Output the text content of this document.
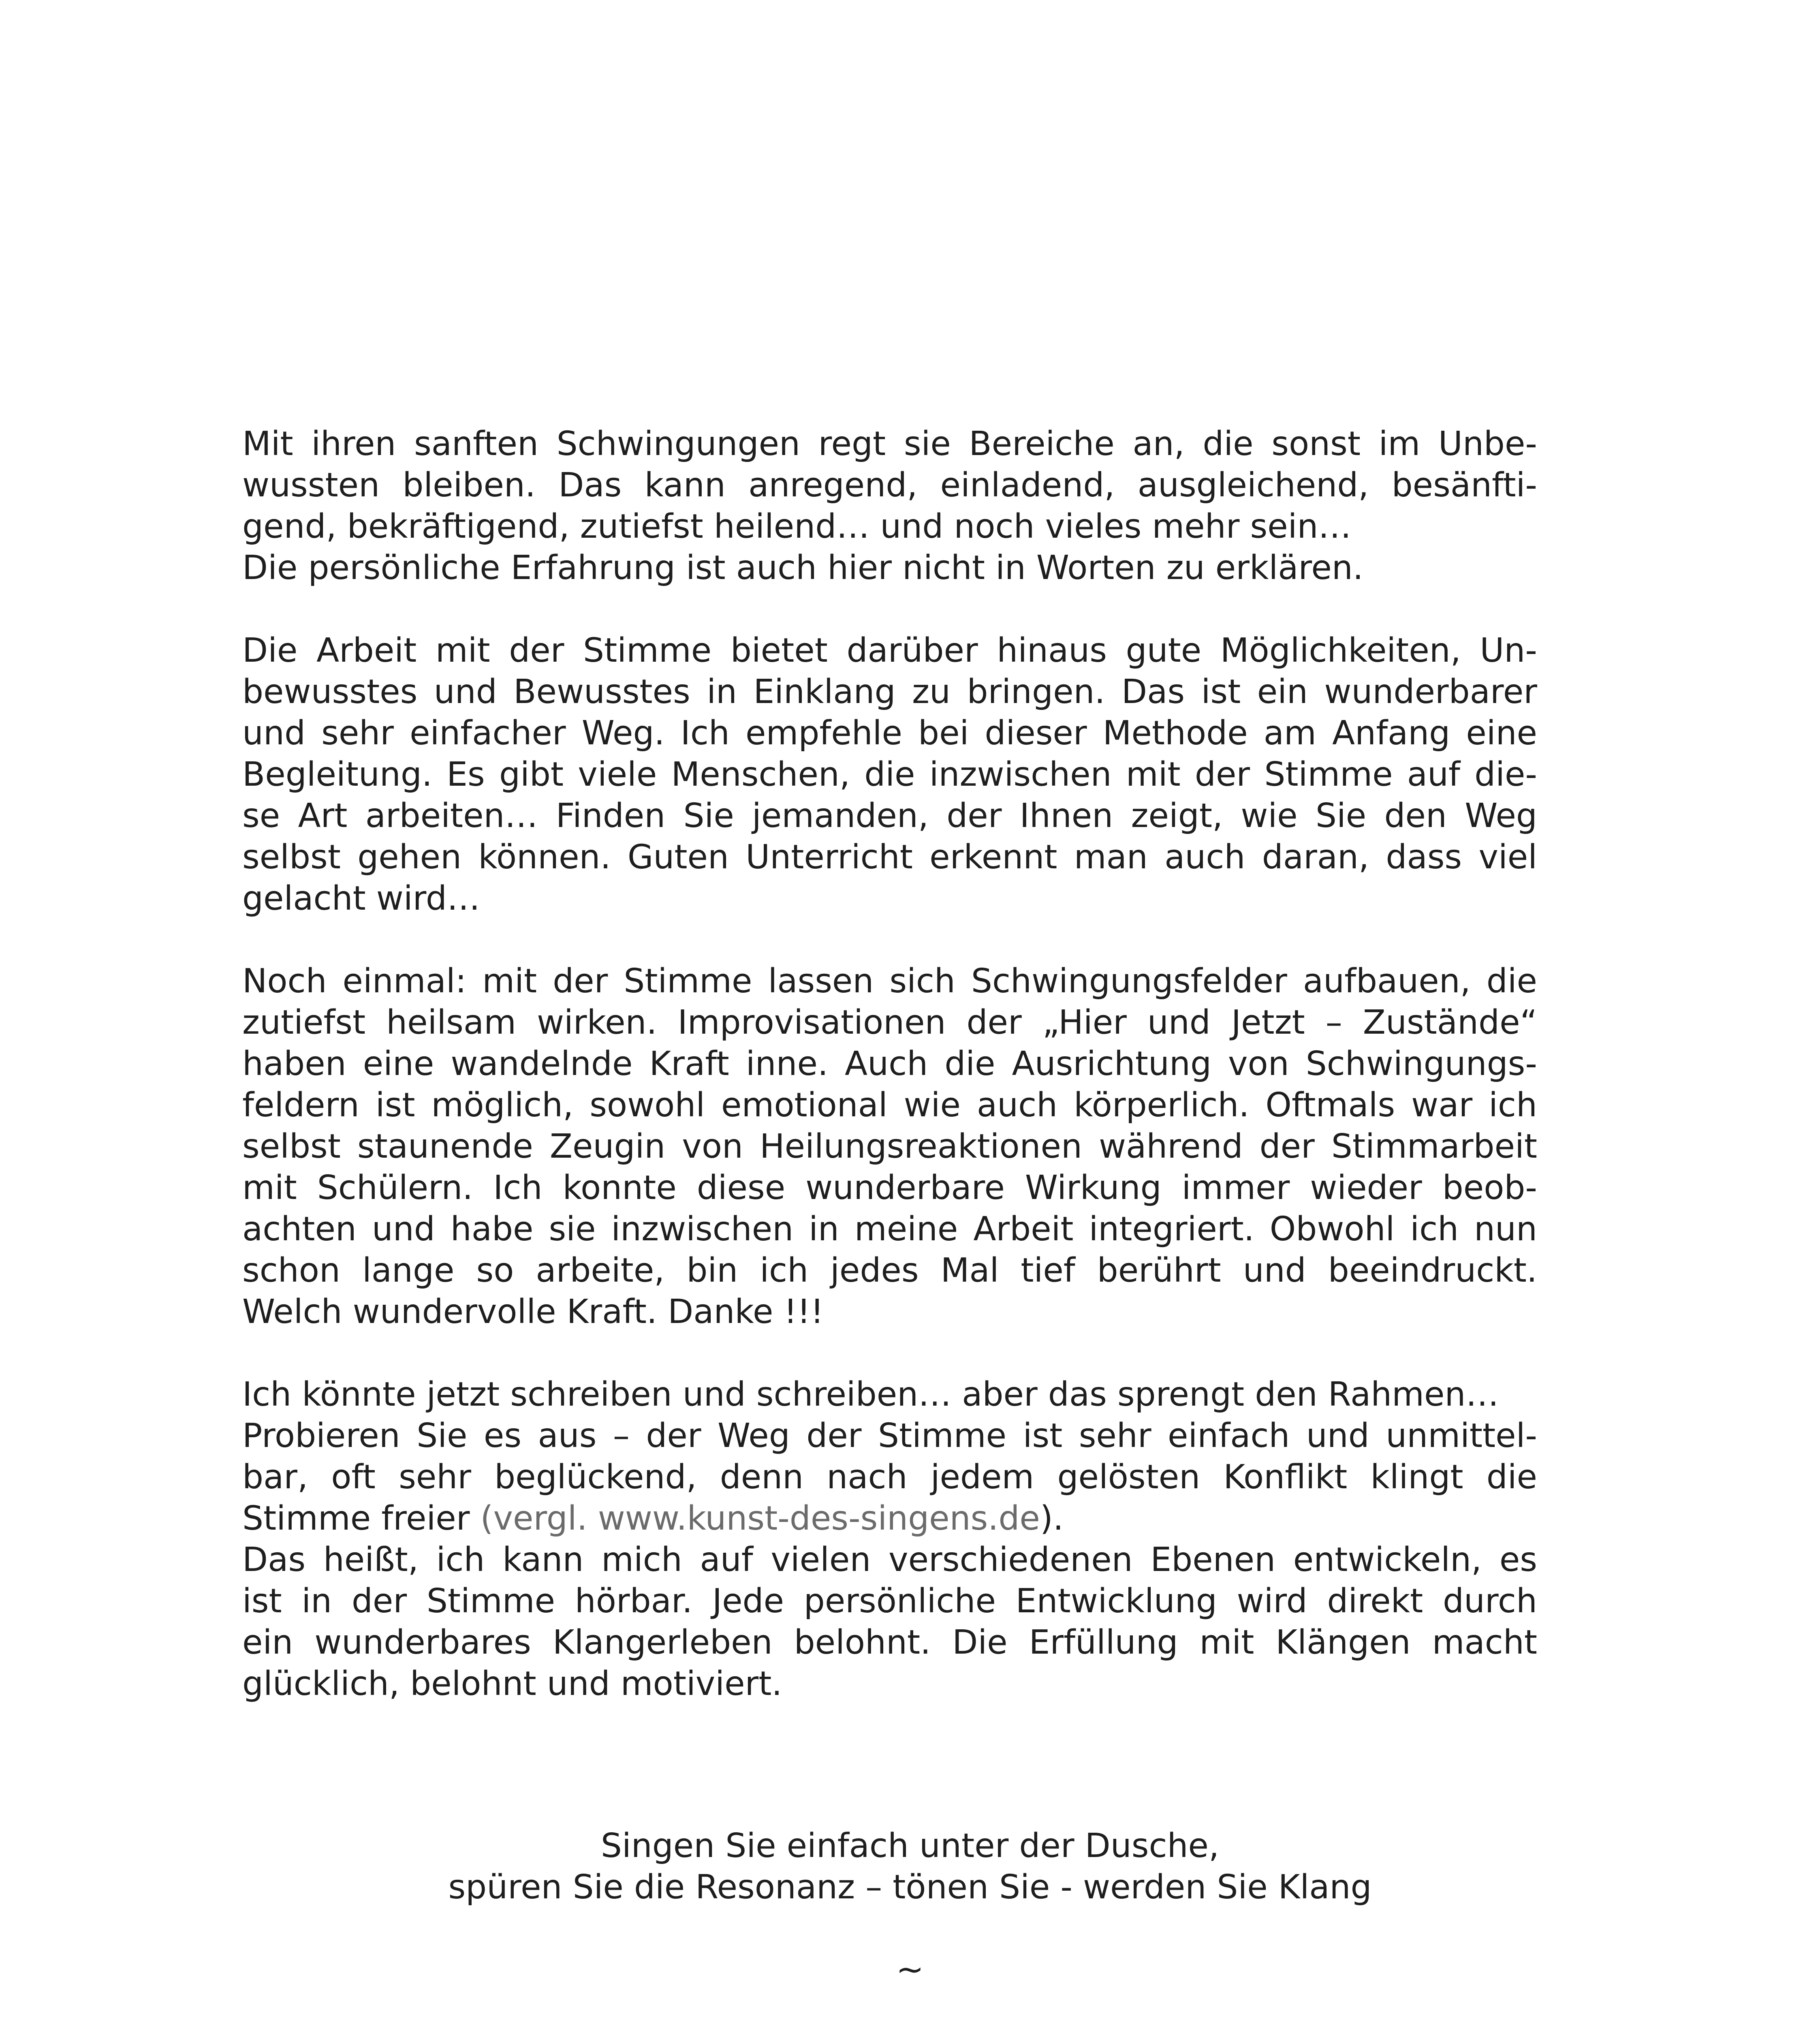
Mit ihren sanften Schwingungen regt sie Bereiche an, die sonst im Unbe-
wussten bleiben. Das kann anregend, einladend, ausgleichend, besänfti-
gend, bekräftigend, zutiefst heilend… und noch vieles mehr sein…
Die persönliche Erfahrung ist auch hier nicht in Worten zu erklären.
Die Arbeit mit der Stimme bietet darüber hinaus gute Möglichkeiten, Un-
bewusstes und Bewusstes in Einklang zu bringen. Das ist ein wunderbarer
und sehr einfacher Weg. Ich empfehle bei dieser Methode am Anfang eine
Begleitung. Es gibt viele Menschen, die inzwischen mit der Stimme auf die-
se Art arbeiten… Finden Sie jemanden, der Ihnen zeigt, wie Sie den Weg
selbst gehen können. Guten Unterricht erkennt man auch daran, dass viel
gelacht wird…
Noch einmal: mit der Stimme lassen sich Schwingungsfelder aufbauen, die
zutiefst heilsam wirken. Improvisationen der „Hier und Jetzt – Zustände“
haben eine wandelnde Kraft inne. Auch die Ausrichtung von Schwingungs-
feldern ist möglich, sowohl emotional wie auch körperlich. Oftmals war ich
selbst staunende Zeugin von Heilungsreaktionen während der Stimmarbeit
mit Schülern. Ich konnte diese wunderbare Wirkung immer wieder beob-
achten und habe sie inzwischen in meine Arbeit integriert. Obwohl ich nun
schon lange so arbeite, bin ich jedes Mal tief berührt und beeindruckt.
Welch wundervolle Kraft. Danke !!!
Ich könnte jetzt schreiben und schreiben… aber das sprengt den Rahmen…
Probieren Sie es aus – der Weg der Stimme ist sehr einfach und unmittel-
bar, oft sehr beglückend, denn nach jedem gelösten Konflikt klingt die
Stimme freier (vergl. www.kunst-des-singens.de).
Das heißt, ich kann mich auf vielen verschiedenen Ebenen entwickeln, es
ist in der Stimme hörbar. Jede persönliche Entwicklung wird direkt durch
ein wunderbares Klangerleben belohnt. Die Erfüllung mit Klängen macht
glücklich, belohnt und motiviert.
Singen Sie einfach unter der Dusche,
spüren Sie die Resonanz – tönen Sie - werden Sie Klang
~
